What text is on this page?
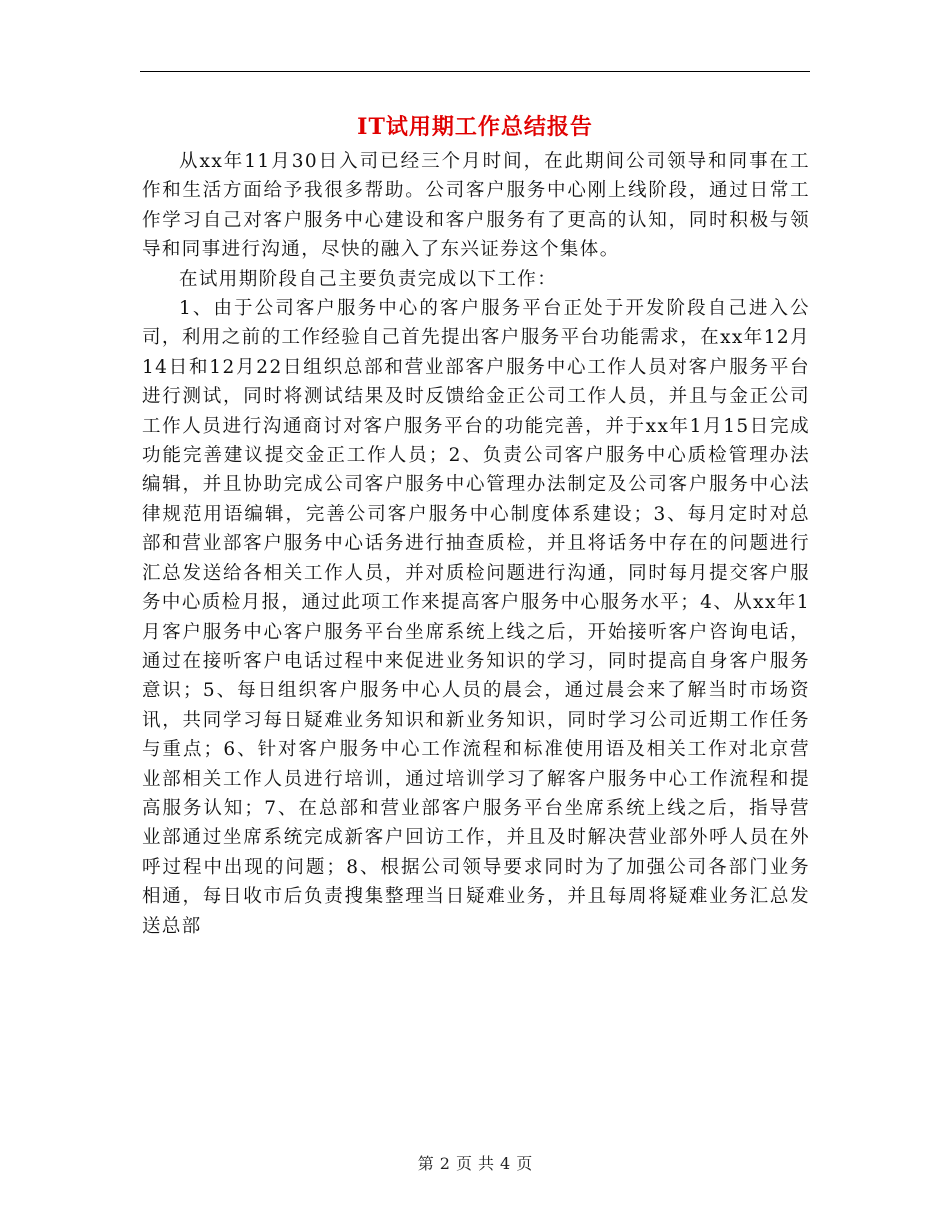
IT试用期工作总结报告

从xx年11月30日入司已经三个月时间，在此期间公司领导和同事在工作和生活方面给予我很多帮助。公司客户服务中心刚上线阶段，通过日常工作学习自己对客户服务中心建设和客户服务有了更高的认知，同时积极与领导和同事进行沟通，尽快的融入了东兴证券这个集体。

在试用期阶段自己主要负责完成以下工作：

1、由于公司客户服务中心的客户服务平台正处于开发阶段自己进入公司，利用之前的工作经验自己首先提出客户服务平台功能需求，在xx年12月14日和12月22日组织总部和营业部客户服务中心工作人员对客户服务平台进行测试，同时将测试结果及时反馈给金正公司工作人员，并且与金正公司工作人员进行沟通商讨对客户服务平台的功能完善，并于xx年1月15日完成功能完善建议提交金正工作人员；2、负责公司客户服务中心质检管理办法编辑，并且协助完成公司客户服务中心管理办法制定及公司客户服务中心法律规范用语编辑，完善公司客户服务中心制度体系建设；3、每月定时对总部和营业部客户服务中心话务进行抽查质检，并且将话务中存在的问题进行汇总发送给各相关工作人员，并对质检问题进行沟通，同时每月提交客户服务中心质检月报，通过此项工作来提高客户服务中心服务水平；4、从xx年1月客户服务中心客户服务平台坐席系统上线之后，开始接听客户咨询电话，通过在接听客户电话过程中来促进业务知识的学习，同时提高自身客户服务意识；5、每日组织客户服务中心人员的晨会，通过晨会来了解当时市场资讯，共同学习每日疑难业务知识和新业务知识，同时学习公司近期工作任务与重点；6、针对客户服务中心工作流程和标准使用语及相关工作对北京营业部相关工作人员进行培训，通过培训学习了解客户服务中心工作流程和提高服务认知；7、在总部和营业部客户服务平台坐席系统上线之后，指导营业部通过坐席系统完成新客户回访工作，并且及时解决营业部外呼人员在外呼过程中出现的问题；8、根据公司领导要求同时为了加强公司各部门业务相通，每日收市后负责搜集整理当日疑难业务，并且每周将疑难业务汇总发送总部

第 2 页 共 4 页
